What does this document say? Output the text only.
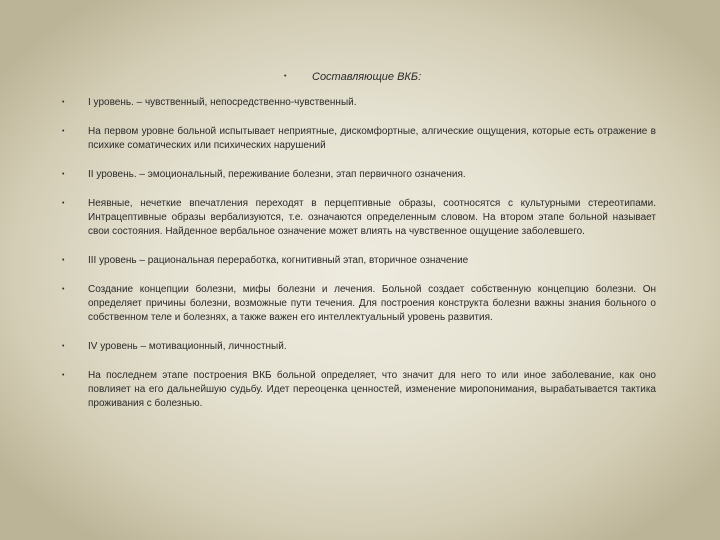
• Составляющие ВКБ:
• I уровень. – чувственный, непосредственно-чувственный.
• На первом уровне больной испытывает неприятные, дискомфортные, алгические ощущения, которые есть отражение в психике соматических или психических нарушений
• II уровень. – эмоциональный, переживание болезни, этап первичного означения.
• Неявные, нечеткие впечатления переходят в перцептивные образы, соотносятся с культурными стереотипами. Интрацептивные образы вербализуются, т.е. означаются определенным словом. На втором этапе больной называет свои состояния. Найденное вербальное означение может влиять на чувственное ощущение заболевшего.
• III уровень – рациональная переработка, когнитивный этап, вторичное означение
• Создание концепции болезни, мифы болезни и лечения. Больной создает собственную концепцию болезни. Он определяет причины болезни, возможные пути течения. Для построения конструкта болезни важны знания больного о собственном теле и болезнях, а также важен его интеллектуальный уровень развития.
• IV уровень – мотивационный, личностный.
• На последнем этапе построения ВКБ больной определяет, что значит для него то или иное заболевание, как оно повлияет на его дальнейшую судьбу. Идет переоценка ценностей, изменение миропонимания, вырабатывается тактика проживания с болезнью.
